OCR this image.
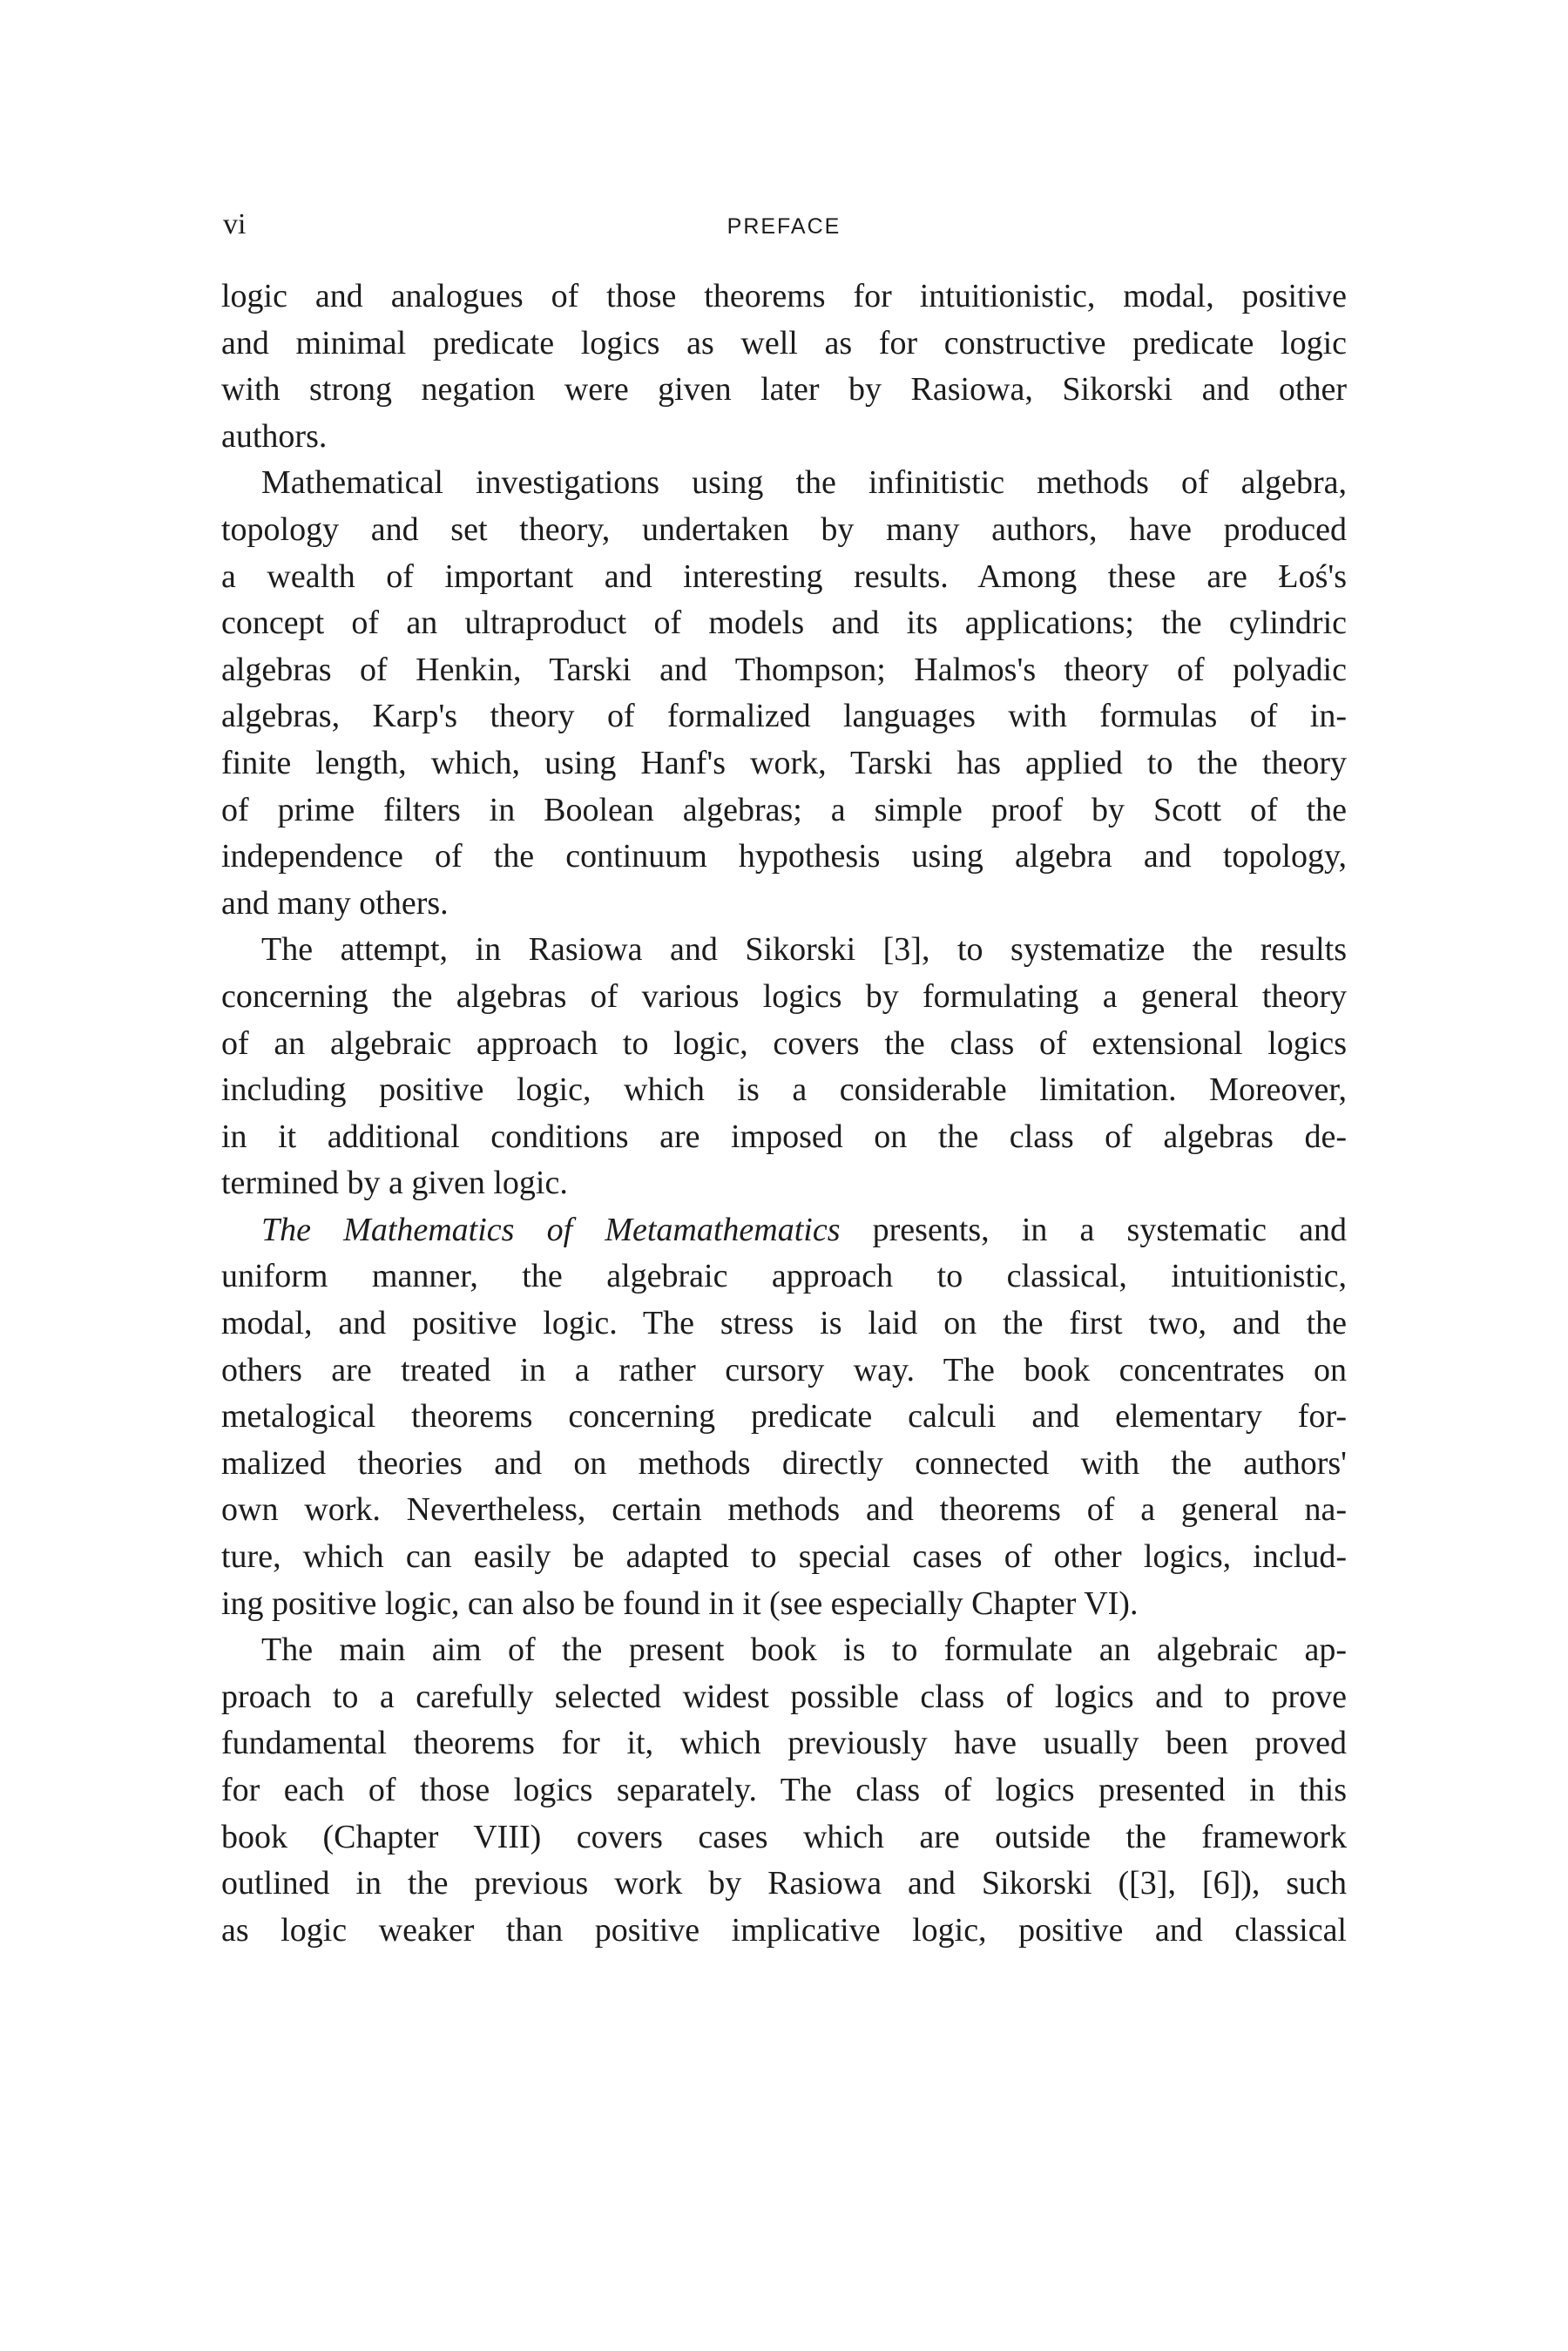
vi	PREFACE
logic and analogues of those theorems for intuitionistic, modal, positive
and minimal predicate logics as well as for constructive predicate logic
with strong negation were given later by Rasiowa, Sikorski and other
authors.
Mathematical investigations using the infinitistic methods of algebra,
topology and set theory, undertaken by many authors, have produced
a wealth of important and interesting results. Among these are Łoś's
concept of an ultraproduct of models and its applications; the cylindric
algebras of Henkin, Tarski and Thompson; Halmos's theory of polyadic
algebras, Karp's theory of formalized languages with formulas of in-
finite length, which, using Hanf's work, Tarski has applied to the theory
of prime filters in Boolean algebras; a simple proof by Scott of the
independence of the continuum hypothesis using algebra and topology,
and many others.
The attempt, in Rasiowa and Sikorski [3], to systematize the results
concerning the algebras of various logics by formulating a general theory
of an algebraic approach to logic, covers the class of extensional logics
including positive logic, which is a considerable limitation. Moreover,
in it additional conditions are imposed on the class of algebras de-
termined by a given logic.
The Mathematics of Metamathematics presents, in a systematic and
uniform manner, the algebraic approach to classical, intuitionistic,
modal, and positive logic. The stress is laid on the first two, and the
others are treated in a rather cursory way. The book concentrates on
metalogical theorems concerning predicate calculi and elementary for-
malized theories and on methods directly connected with the authors'
own work. Nevertheless, certain methods and theorems of a general na-
ture, which can easily be adapted to special cases of other logics, includ-
ing positive logic, can also be found in it (see especially Chapter VI).
The main aim of the present book is to formulate an algebraic ap-
proach to a carefully selected widest possible class of logics and to prove
fundamental theorems for it, which previously have usually been proved
for each of those logics separately. The class of logics presented in this
book (Chapter VIII) covers cases which are outside the framework
outlined in the previous work by Rasiowa and Sikorski ([3], [6]), such
as logic weaker than positive implicative logic, positive and classical
